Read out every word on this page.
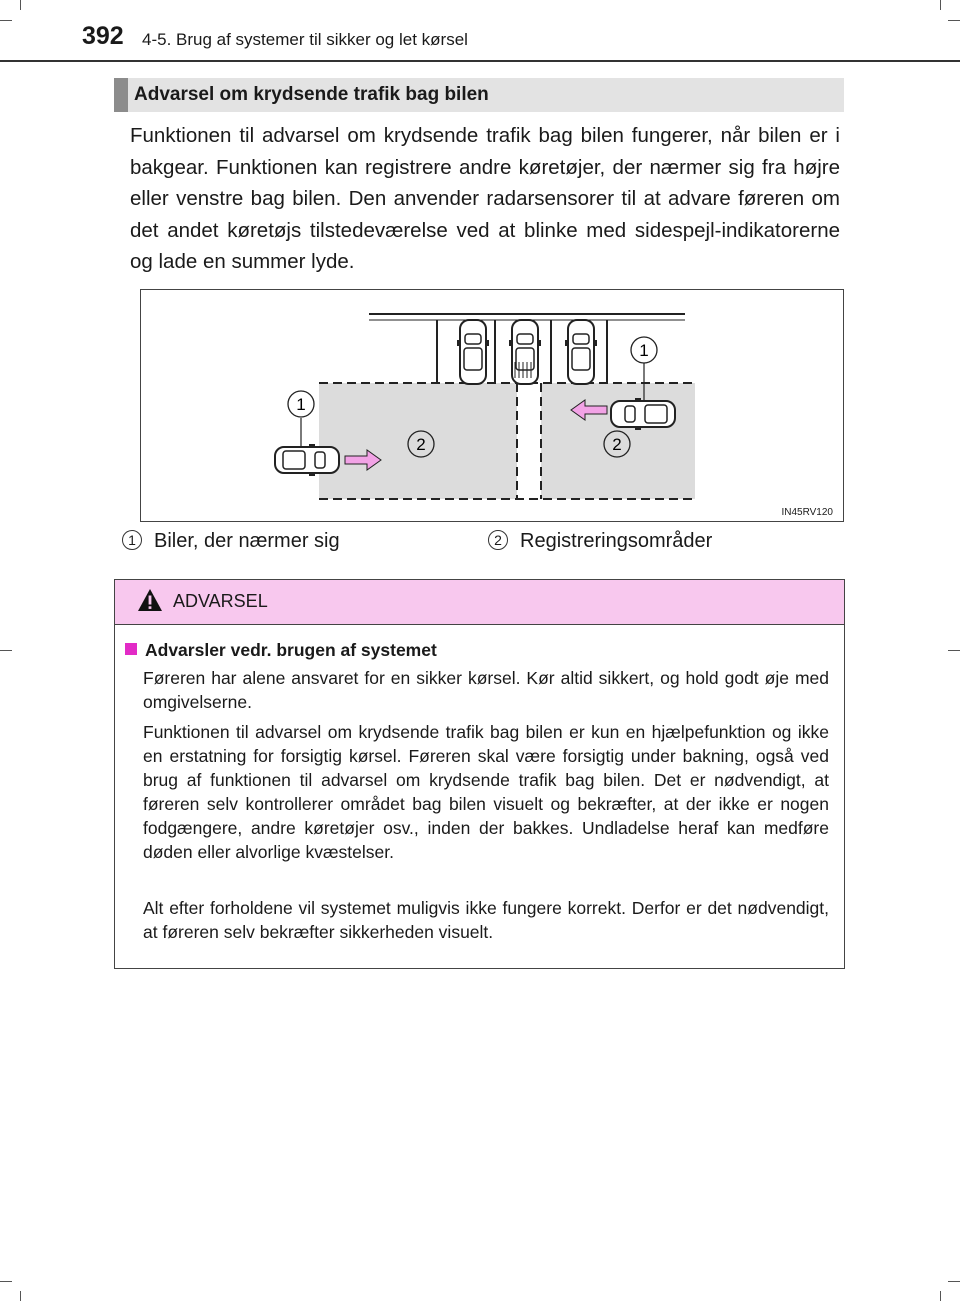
392 4-5. Brug af systemer til sikker og let kørsel
Advarsel om krydsende trafik bag bilen

Funktionen til advarsel om krydsende trafik bag bilen fungerer, når bilen er i bakgear. Funktionen kan registrere andre køretøjer, der nærmer sig fra højre eller venstre bag bilen. Den anvender radarsensorer til at advare føreren om det andet køretøjs tilstedeværelse ved at blinke med sidespejl-indikatorerne og lade en summer lyde.

1
1
2	2
IN45RV120
1 Biler, der nærmer sig	2 Registreringsområder
ADVARSEL
Advarsler vedr. brugen af systemet

Føreren har alene ansvaret for en sikker kørsel. Kør altid sikkert, og hold godt øje med omgivelserne.

Funktionen til advarsel om krydsende trafik bag bilen er kun en hjælpefunktion og ikke en erstatning for forsigtig kørsel. Føreren skal være forsigtig under bakning, også ved brug af funktionen til advarsel om krydsende trafik bag bilen. Det er nødvendigt, at føreren selv kontrollerer området bag bilen visuelt og bekræfter, at der ikke er nogen fodgængere, andre køretøjer osv., inden der bakkes. Undladelse heraf kan medføre døden eller alvorlige kvæstelser.

Alt efter forholdene vil systemet muligvis ikke fungere korrekt. Derfor er det nødvendigt, at føreren selv bekræfter sikkerheden visuelt.
